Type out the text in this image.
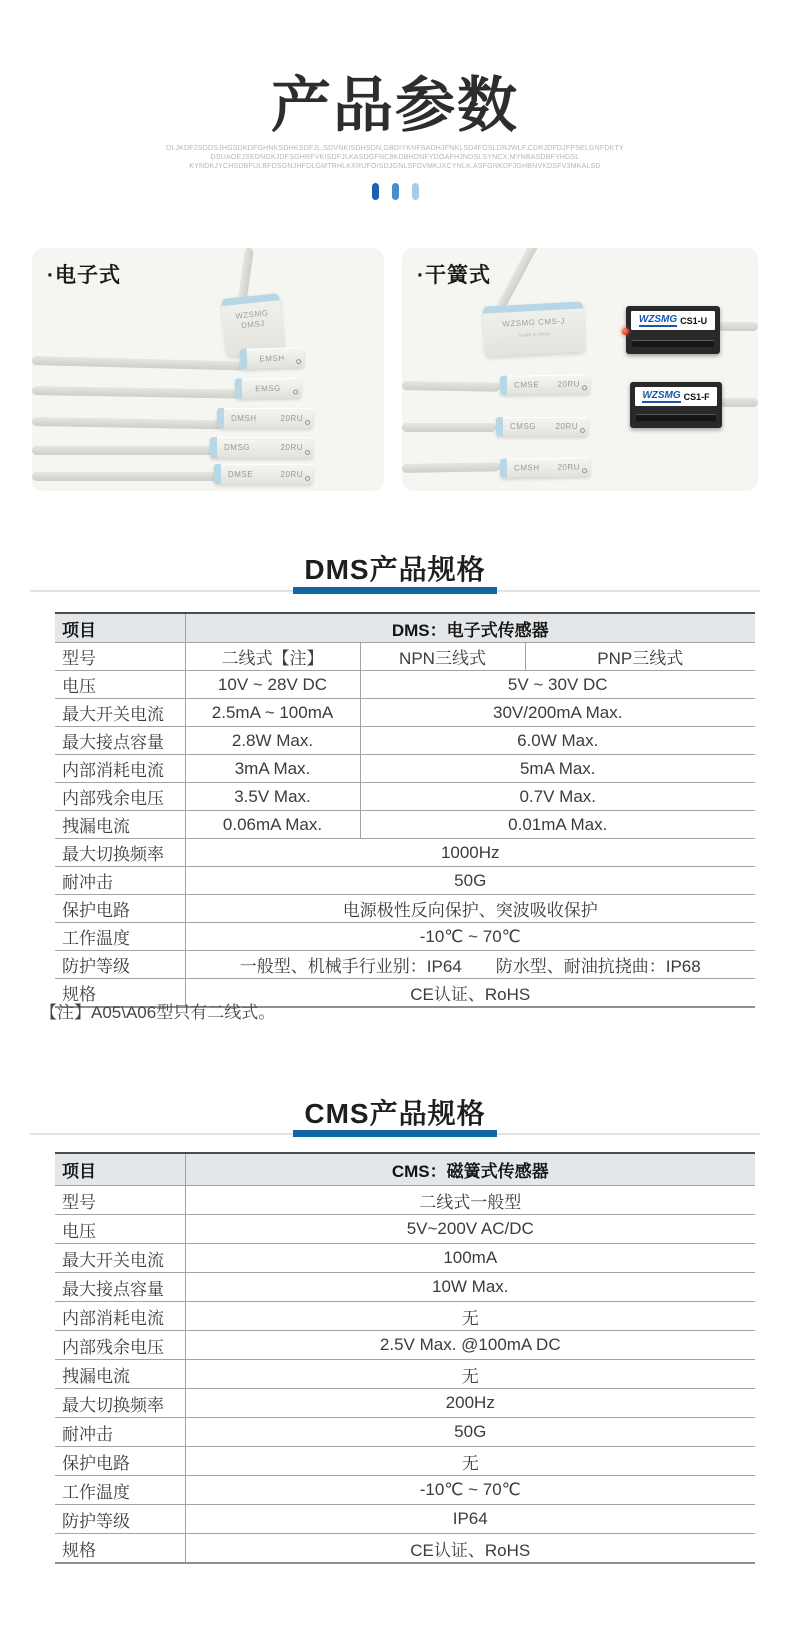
产品参数
DLJKDF2SDDSJHGSDKDFGHNKSDHKSDFJL,SDVNKISDHSDN,GBDIYKNFSADHJFNKLSD4FOSLDRJWLF.CDRJDFDJFPSELGNFDKTY
DSUAOEJSEDNGKJDFSGHRFVKISDFJLKASDGFNC8KDBHDNFYDOAFHJNDSLSYNCX,MYNBASDBFYHDSL
KYNDKJYCHSDBFULBFDSGNJHFDLGMTRHLKXRUFOISDJGNLSFDVMKJXCYNLK,ASFGNKDFJGHBNVKDSFV3MKALSD
WZSMG
DMSJ
EMSH
EMSG
DMSH	20RU
DMSG	20RU
DMSE	20RU
·电子式
WZSMG CMS-J
made in china
CMSE 20RU
CMSG 20RU
CMSH 20RU
WZSMG CS1-U
WZSMG CS1-F
·干簧式
DMS产品规格
项目	DMS：电子式传感器		
型号	二线式【注】	NPN三线式	PNP三线式
电压	10V ~ 28V DC	5V ~ 30V DC	
最大开关电流	2.5mA ~ 100mA	30V/200mA Max.	
最大接点容量	2.8W Max.	6.0W Max.	
内部消耗电流	3mA Max.	5mA Max.	
内部残余电压	3.5V Max.	0.7V Max.	
拽漏电流	0.06mA Max.	0.01mA Max.	
最大切换频率	1000Hz		
耐冲击	50G		
保护电路	电源极性反向保护、突波吸收保护		
工作温度	-10℃ ~ 70℃		
防护等级	一般型、机械手行业别：IP64　　防水型、耐油抗挠曲：IP68		
规格	CE认证、RoHS		
【注】A05\A06型只有二线式。
CMS产品规格
项目	CMS：磁簧式传感器
型号	二线式一般型
电压	5V~200V AC/DC
最大开关电流	100mA
最大接点容量	10W Max.
内部消耗电流	无
内部残余电压	2.5V Max. @100mA DC
拽漏电流	无
最大切换频率	200Hz
耐冲击	50G
保护电路	无
工作温度	-10℃ ~ 70℃
防护等级	IP64
规格	CE认证、RoHS
